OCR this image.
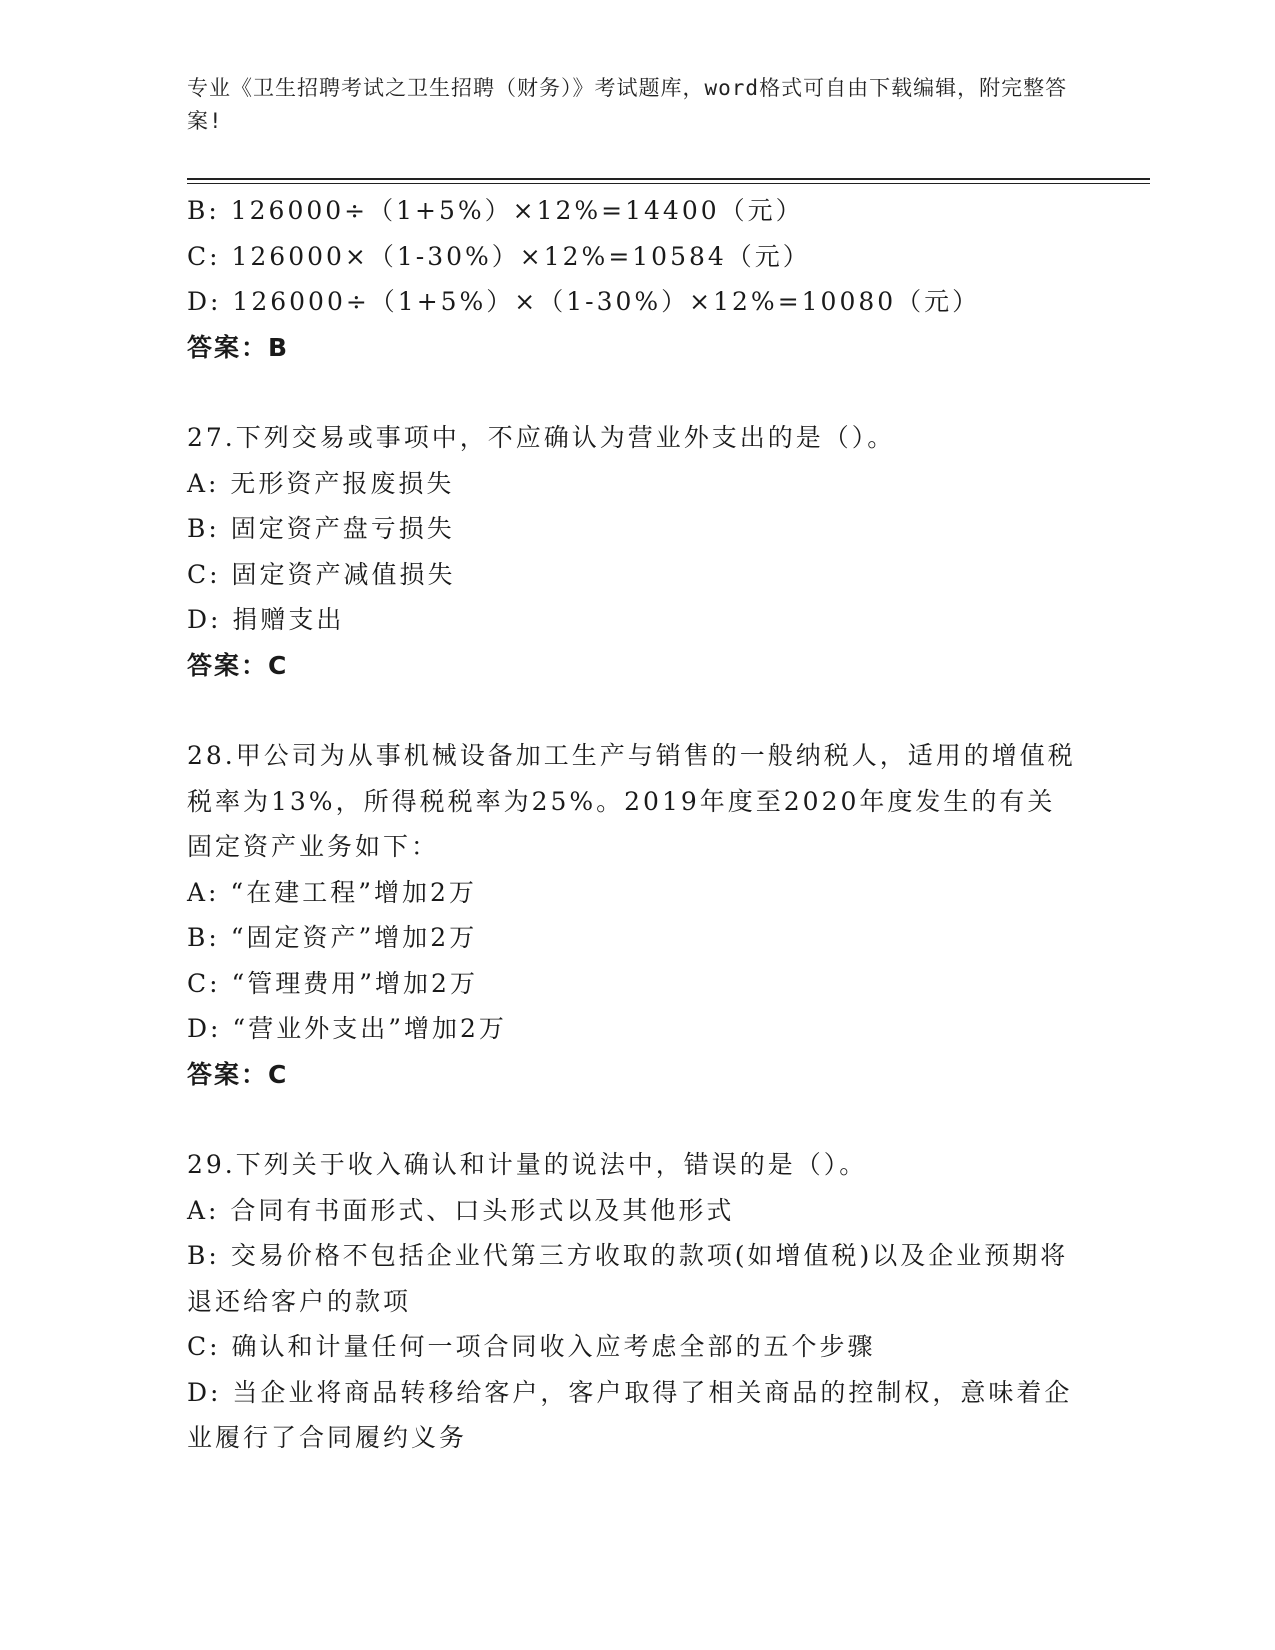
专业《卫生招聘考试之卫生招聘（财务）》考试题库，word格式可自由下载编辑，附完整答案!
B: 126000÷（1+5%）×12%=14400（元）
C: 126000×（1-30%）×12%=10584（元）
D: 126000÷（1+5%）×（1-30%）×12%=10080（元）
答案：B
27.下列交易或事项中，不应确认为营业外支出的是（）。
A: 无形资产报废损失
B: 固定资产盘亏损失
C: 固定资产减值损失
D: 捐赠支出
答案：C
28.甲公司为从事机械设备加工生产与销售的一般纳税人，适用的增值税税率为13%，所得税税率为25%。2019年度至2020年度发生的有关固定资产业务如下：
A: “在建工程”增加2万
B: “固定资产”增加2万
C: “管理费用”增加2万
D: “营业外支出”增加2万
答案：C
29.下列关于收入确认和计量的说法中，错误的是（）。
A: 合同有书面形式、口头形式以及其他形式
B: 交易价格不包括企业代第三方收取的款项(如增值税)以及企业预期将退还给客户的款项
C: 确认和计量任何一项合同收入应考虑全部的五个步骤
D: 当企业将商品转移给客户，客户取得了相关商品的控制权，意味着企业履行了合同履约义务
